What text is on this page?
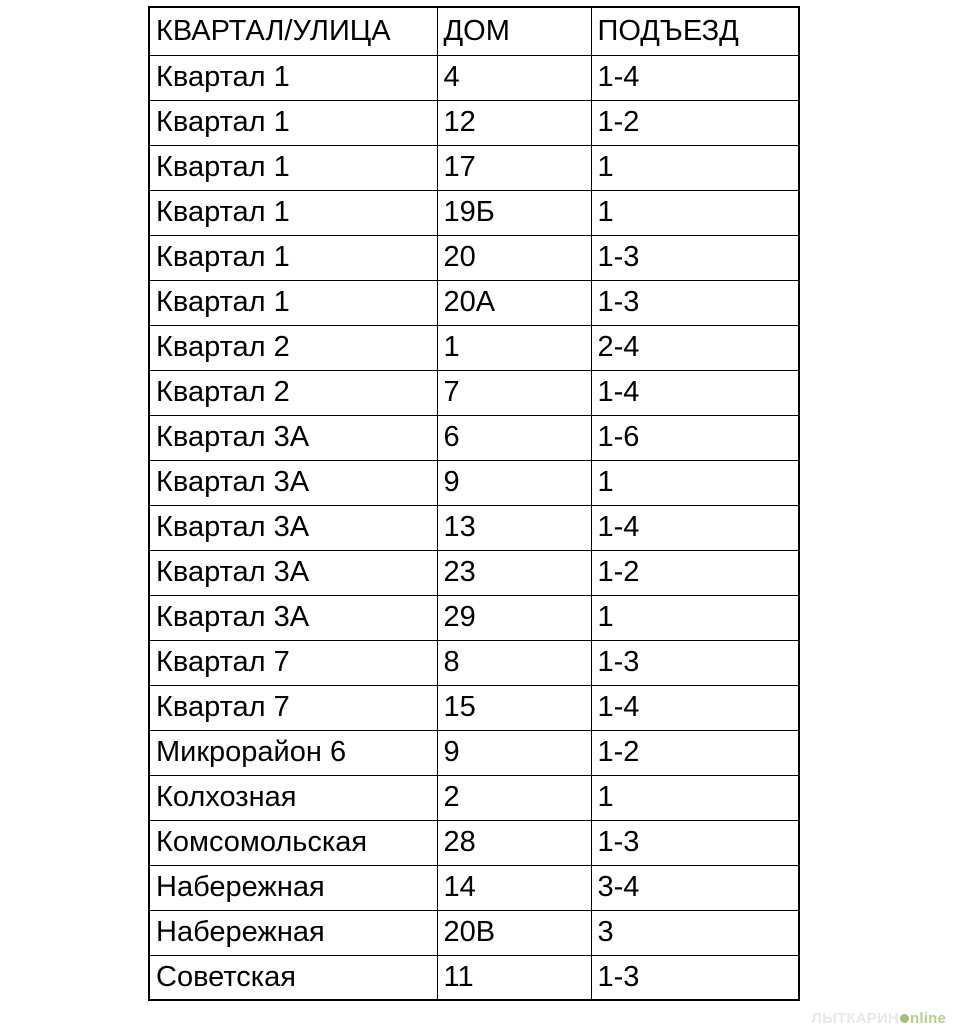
КВАРТАЛ/УЛИЦА	ДОМ	ПОДЪЕЗД
Квартал 1	4	1-4
Квартал 1	12	1-2
Квартал 1	17	1
Квартал 1	19Б	1
Квартал 1	20	1-3
Квартал 1	20А	1-3
Квартал 2	1	2-4
Квартал 2	7	1-4
Квартал 3А	6	1-6
Квартал 3А	9	1
Квартал 3А	13	1-4
Квартал 3А	23	1-2
Квартал 3А	29	1
Квартал 7	8	1-3
Квартал 7	15	1-4
Микрорайон 6	9	1-2
Колхозная	2	1
Комсомольская	28	1-3
Набережная	14	3-4
Набережная	20В	3
Советская	11	1-3
ЛЫТКАРИН nline
